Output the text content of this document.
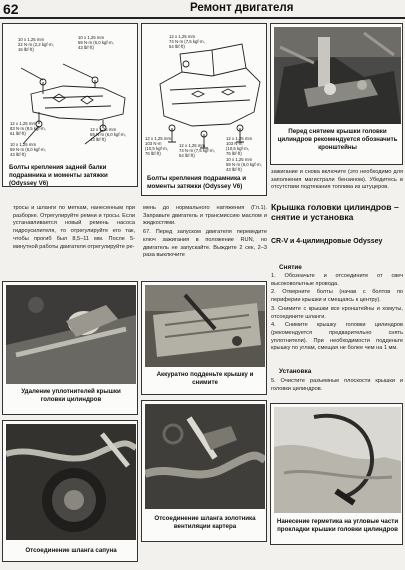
62	Ремонт двигателя
10 x 1,25 mm
22 N·m (2,2 kgf·m,
16 lbf·ft)
10 x 1,25 mm
59 N·m (6,0 kgf·m,
43 lbf·ft)
12 x 1,25 mm
83 N·m (8,5 kgf·m,
61 lbf·ft)
12 x 1,25 mm
59 N·m (6,0 kgf·m,
43 lbf·ft)
10 x 1,25 mm
59 N·m (6,0 kgf·m,
43 lbf·ft)
Болты крепления задней балки подрамника и моменты затяжки (Odyssey V6)
12 x 1,25 mm
74 N·m (7,5 kgf·m,
54 lbf·ft)
12 x 1,25 mm
103 N·m
(10,5 kgf·m,
76 lbf·ft)
12 x 1,25 mm
103 N·m
(10,5 kgf·m,
76 lbf·ft)
12 x 1,25 mm
74 N·m (7,5 kgf·m,
54 lbf·ft)
10 x 1,25 mm
59 N·m (6,0 kgf·m,
43 lbf·ft)
Болты крепления подрамника и моменты затяжки (Odyssey V6)
Перед снятием крышки головки цилиндров рекомендуется обозначить кронштейны
зажигание и снова включите (это необходимо для заполнения магистрали бензином). Убедитесь в отсутствии подтекания топлива из штуцеров.
Крышка головки цилиндров – снятие и установка
CR-V и 4-цилиндровые Odyssey
Снятие

1. Обозначьте и отсоедините от свеч высоковольтные провода.

2. Отверните болты (начав с болтов по периферии крышки и смещаясь к центру).

3. Снимите с крышки все кронштейны и хомуты, отсоедините шланги.

4. Снимите крышку головки цилиндров (рекомендуется предварительно снять уплотнители). При необходимости подденьте крышку по углам, смещая не более чем на 1 мм.

Установка

5. Очистите разъемные плоскости крышки и головки цилиндров.

тросы и шланги по меткам, нанесенным при разборке. Отрегулируйте ремни и тросы. Если устанавливается новый ремень насоса гидроусилителя, то отрегулируйте его так, чтобы прогиб был 8,5–11 мм. После 5-минутной работы двигателя отрегулируйте ре-

мень до нормального натяжения (Гл.1). Заправьте двигатель и трансмиссию маслом и жидкостями.

67. Перед запуском двигателя переведите ключ зажигания в положение RUN, но двигатель не запускайте. Выждите 2 сек, 2–3 раза выключите

Удаление уплотнителей крышки головки цилиндров
Аккуратно подденьте крышку и снимите
Отсоединение шланга сапуна
Отсоединение шланга золотника вентиляции картера
Нанесение герметика на угловые части прокладки крышки головки цилиндров
